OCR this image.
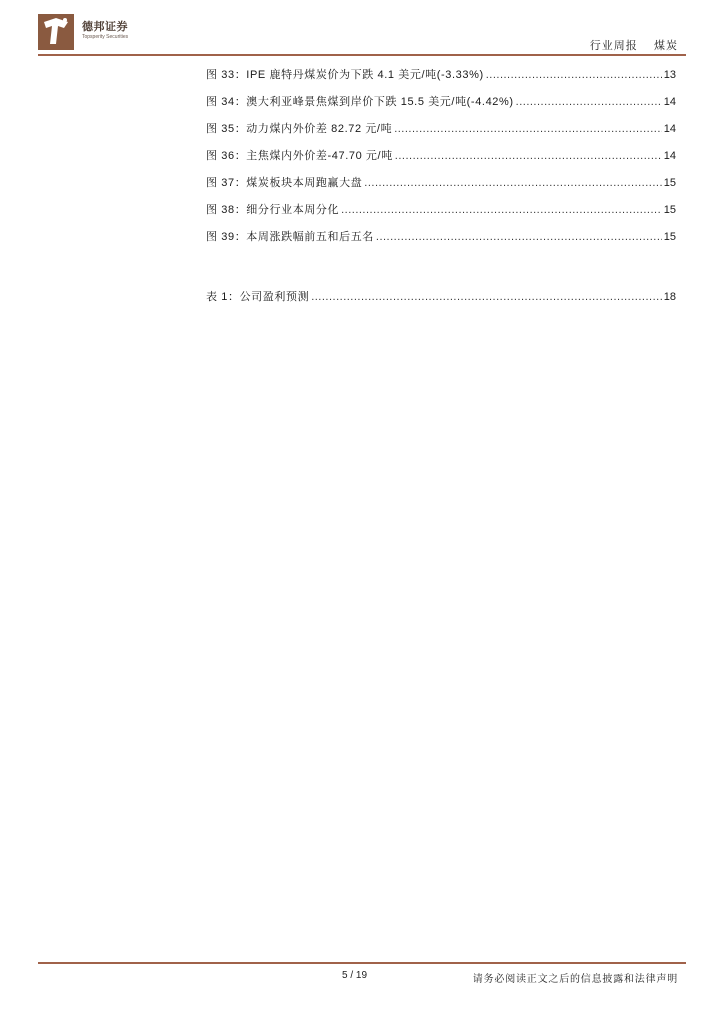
德邦证券
Topsperity Securities
行业周报 煤炭
图 33：IPE 鹿特丹煤炭价为下跌 4.1 美元/吨(-3.33%) .....	13
图 34：澳大利亚峰景焦煤到岸价下跌 15.5 美元/吨(-4.42%) .....	14
图 35：动力煤内外价差 82.72 元/吨 .....	14
图 36：主焦煤内外价差-47.70 元/吨 .....	14
图 37：煤炭板块本周跑赢大盘 .....	15
图 38：细分行业本周分化 .....	15
图 39：本周涨跌幅前五和后五名 .....	15
表 1：公司盈利预测 .....	18
5 / 19	请务必阅读正文之后的信息披露和法律声明
